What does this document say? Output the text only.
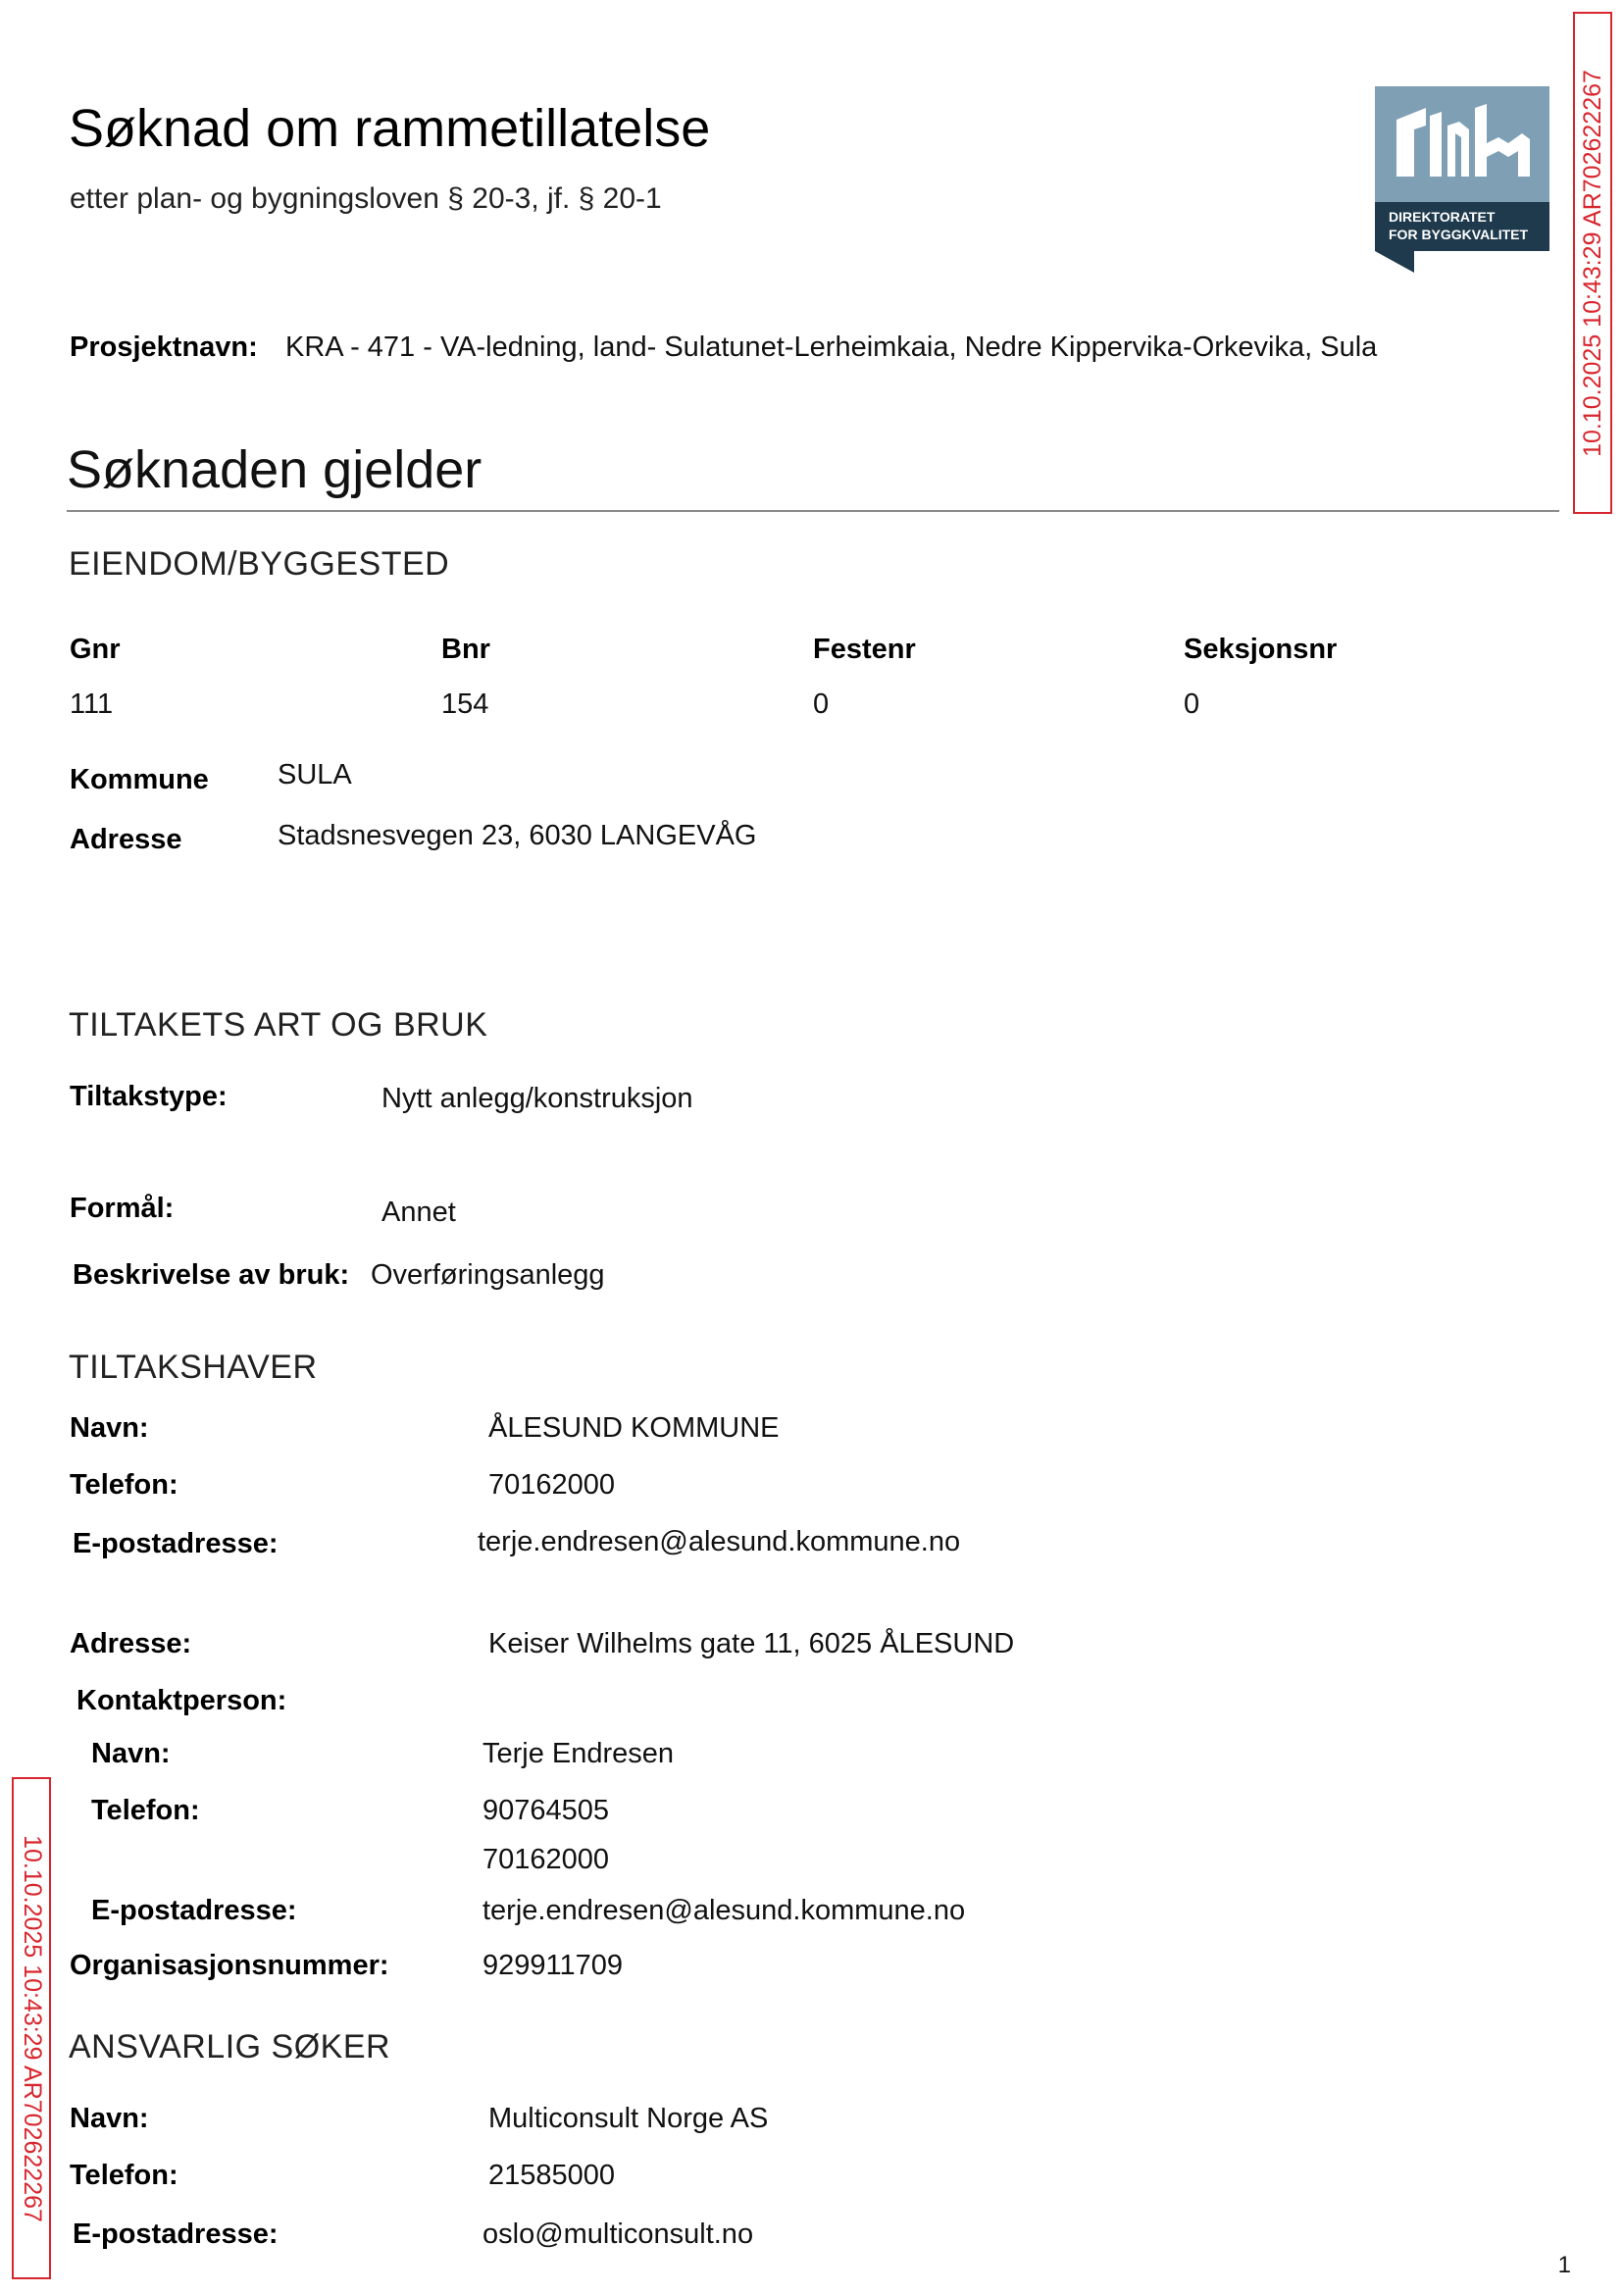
Søknad om rammetillatelse
etter plan- og bygningsloven § 20-3, jf. § 20-1
DIREKTORATET
FOR BYGGKVALITET 10.10.2025 10:43:29 AR702622267
10.10.2025 10:43:29 AR702622267
Prosjektnavn: KRA - 471 - VA-ledning, land- Sulatunet-Lerheimkaia, Nedre Kippervika-Orkevika, Sula
Søknaden gjelder
EIENDOM/BYGGESTED
Gnr	Bnr	Festenr	Seksjonsnr
111	154	0	0
Kommune SULA
Adresse	Stadsnesvegen 23, 6030 LANGEVÅG
TILTAKETS ART OG BRUK
Tiltakstype:	Nytt anlegg/konstruksjon
Formål:	Annet
Beskrivelse av bruk: Overføringsanlegg
TILTAKSHAVER
Navn:	ÅLESUND KOMMUNE
Telefon:	70162000
E-postadresse:	terje.endresen@alesund.kommune.no
Adresse:	Keiser Wilhelms gate 11, 6025 ÅLESUND
Kontaktperson:
Navn:	Terje Endresen
Telefon:	90764505
70162000
E-postadresse:	terje.endresen@alesund.kommune.no
Organisasjonsnummer:	929911709
ANSVARLIG SØKER
Navn:	Multiconsult Norge AS
Telefon:	21585000
E-postadresse:	oslo@multiconsult.no
1
